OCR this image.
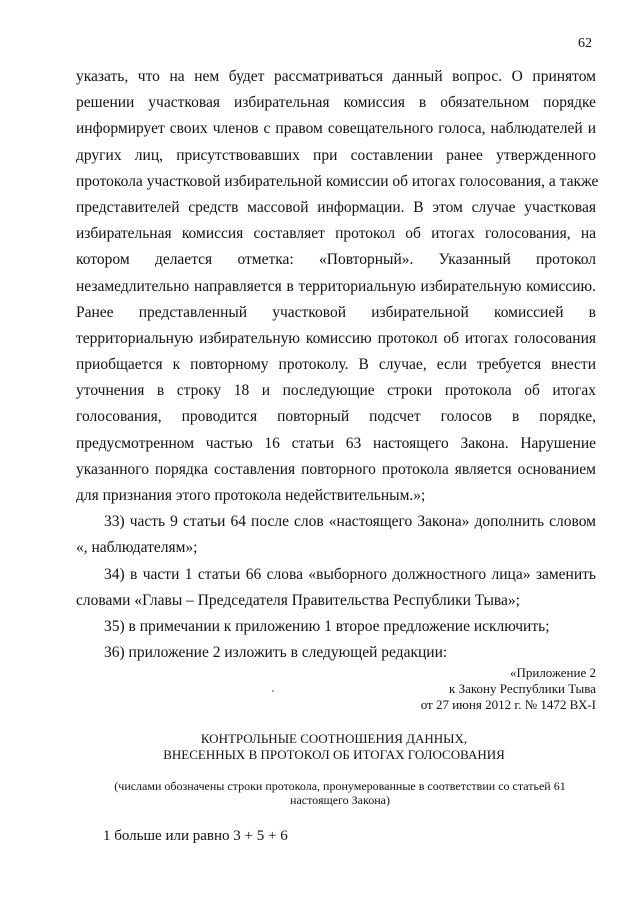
62
указать, что на нем будет рассматриваться данный вопрос. О принятом
решении участковая избирательная комиссия в обязательном порядке
информирует своих членов с правом совещательного голоса, наблюдателей и
других лиц, присутствовавших при составлении ранее утвержденного
протокола участковой избирательной комиссии об итогах голосования, а также
представителей средств массовой информации. В этом случае участковая
избирательная комиссия составляет протокол об итогах голосования, на
котором делается отметка: «Повторный». Указанный протокол
незамедлительно направляется в территориальную избирательную комиссию.
Ранее представленный участковой избирательной комиссией в
территориальную избирательную комиссию протокол об итогах голосования
приобщается к повторному протоколу. В случае, если требуется внести
уточнения в строку 18 и последующие строки протокола об итогах
голосования, проводится повторный подсчет голосов в порядке,
предусмотренном частью 16 статьи 63 настоящего Закона. Нарушение
указанного порядка составления повторного протокола является основанием
для признания этого протокола недействительным.»;
33) часть 9 статьи 64 после слов «настоящего Закона» дополнить словом
«, наблюдателям»;
34) в части 1 статьи 66 слова «выборного должностного лица» заменить
словами «Главы – Председателя Правительства Республики Тыва»;
35) в примечании к приложению 1 второе предложение исключить;
36) приложение 2 изложить в следующей редакции:
«Приложение 2
к Закону Республики Тыва
от 27 июня 2012 г. № 1472 ВХ-I
КОНТРОЛЬНЫЕ СООТНОШЕНИЯ ДАННЫХ,
ВНЕСЕННЫХ В ПРОТОКОЛ ОБ ИТОГАХ ГОЛОСОВАНИЯ
(числами обозначены строки протокола, пронумерованные в соответствии со статьей 61
настоящего Закона)
1 больше или равно 3 + 5 + 6
